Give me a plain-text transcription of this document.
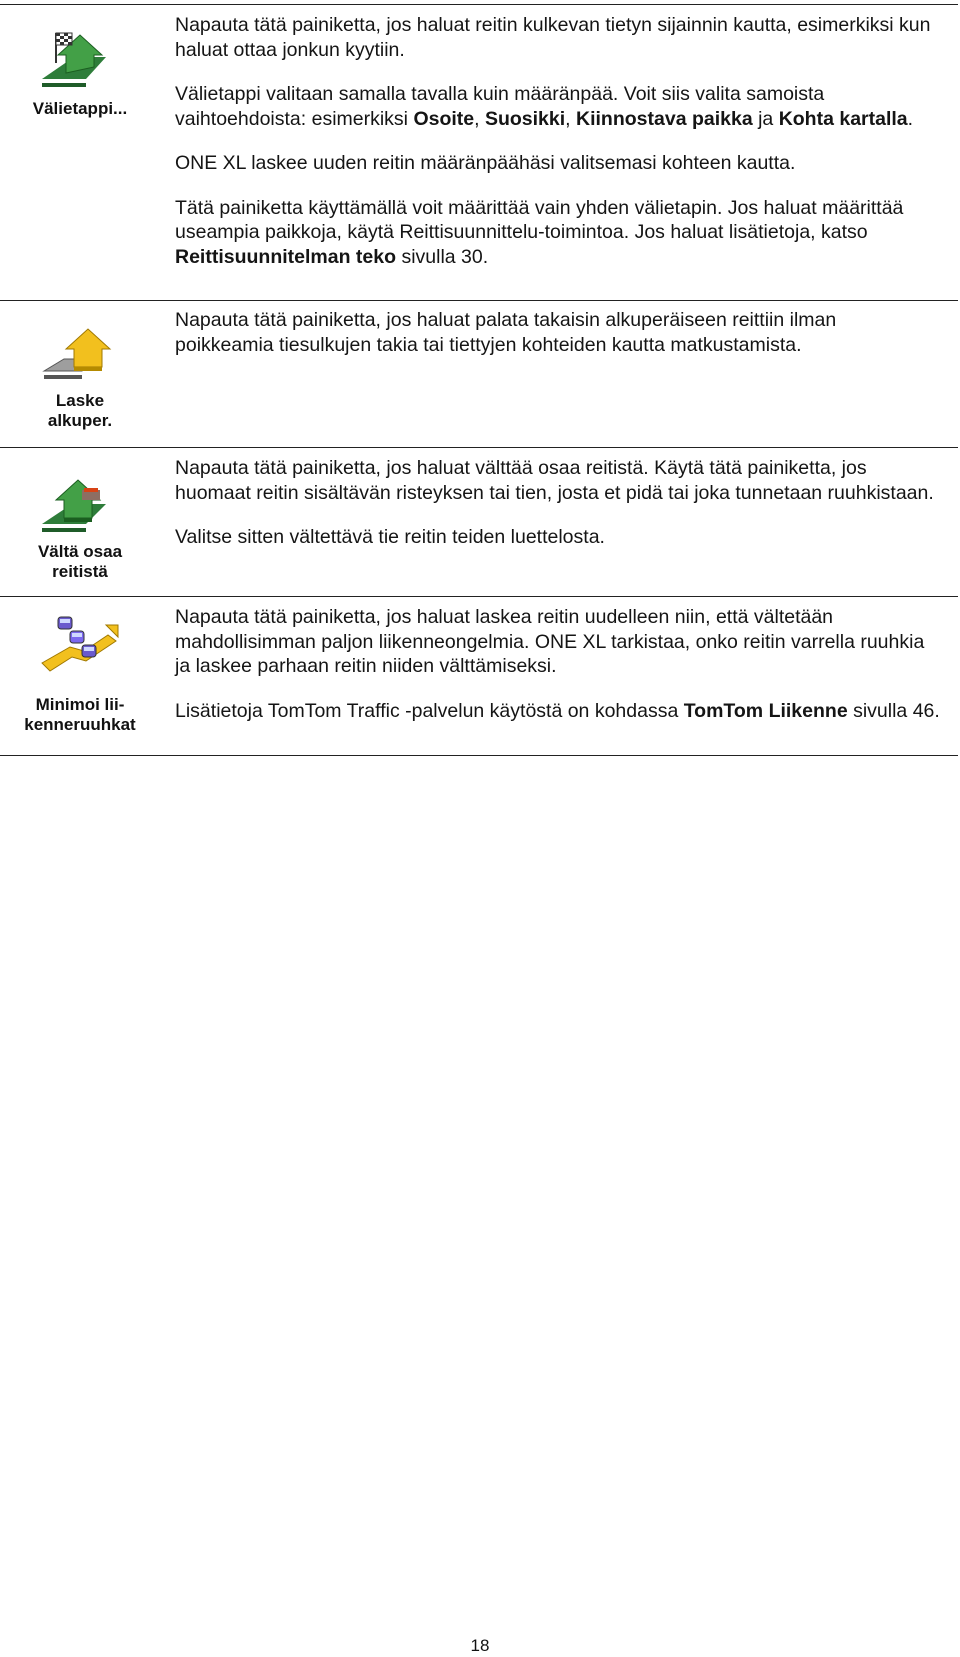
Välietappi...

Napauta tätä painiketta, jos haluat reitin kulkevan tietyn sijainnin kautta, esimerkiksi kun haluat ottaa jonkun kyytiin.

Välietappi valitaan samalla tavalla kuin määränpää. Voit siis valita samoista vaihtoehdoista: esimerkiksi Osoite, Suosikki, Kiinnostava paikka ja Kohta kartalla.

ONE XL laskee uuden reitin määränpäähäsi valitsemasi kohteen kautta.

Tätä painiketta käyttämällä voit määrittää vain yhden välietapin. Jos haluat määrittää useampia paikkoja, käytä Reittisuunnittelu-toimintoa. Jos haluat lisätietoja, katso Reittisuunnitelman teko sivulla 30.

Laske
alkuper.

Napauta tätä painiketta, jos haluat palata takaisin alkuperäiseen reittiin ilman poikkeamia tiesulkujen takia tai tiettyjen kohteiden kautta matkustamista.

Vältä osaa
reitistä

Napauta tätä painiketta, jos haluat välttää osaa reitistä. Käytä tätä painiketta, jos huomaat reitin sisältävän risteyksen tai tien, josta et pidä tai joka tunnetaan ruuhkistaan.

Valitse sitten vältettävä tie reitin teiden luettelosta.

Minimoi lii-
kenneruuhkat

Napauta tätä painiketta, jos haluat laskea reitin uudelleen niin, että vältetään mahdollisimman paljon liikenneongelmia. ONE XL tarkistaa, onko reitin varrella ruuhkia ja laskee parhaan reitin niiden välttämiseksi.

Lisätietoja TomTom Traffic -palvelun käytöstä on kohdassa TomTom Liikenne sivulla 46.

18
